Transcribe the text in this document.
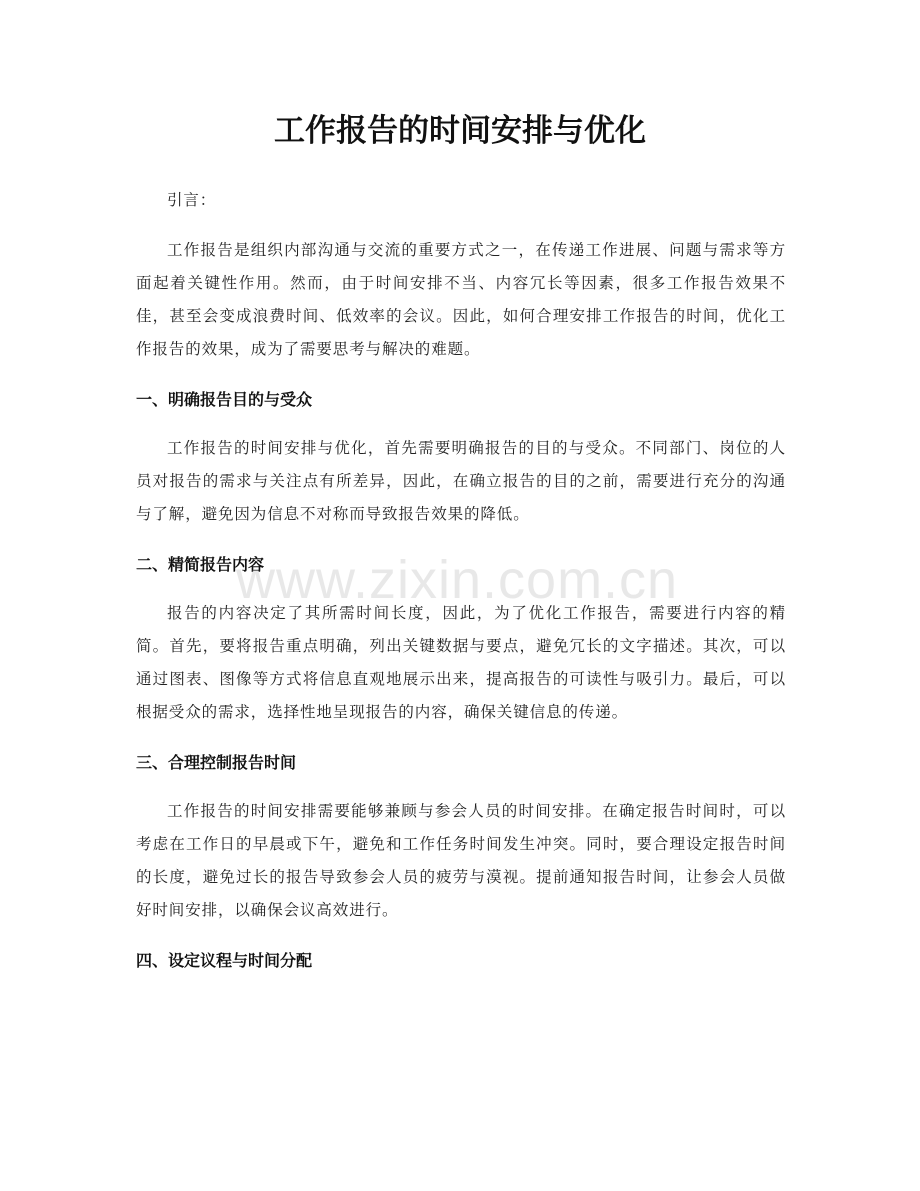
工作报告的时间安排与优化

引言：

工作报告是组织内部沟通与交流的重要方式之一，在传递工作进展、问题与需求等方面起着关键性作用。然而，由于时间安排不当、内容冗长等因素，很多工作报告效果不佳，甚至会变成浪费时间、低效率的会议。因此，如何合理安排工作报告的时间，优化工作报告的效果，成为了需要思考与解决的难题。

一、明确报告目的与受众

工作报告的时间安排与优化，首先需要明确报告的目的与受众。不同部门、岗位的人员对报告的需求与关注点有所差异，因此，在确立报告的目的之前，需要进行充分的沟通与了解，避免因为信息不对称而导致报告效果的降低。

二、精简报告内容

报告的内容决定了其所需时间长度，因此，为了优化工作报告，需要进行内容的精简。首先，要将报告重点明确，列出关键数据与要点，避免冗长的文字描述。其次，可以通过图表、图像等方式将信息直观地展示出来，提高报告的可读性与吸引力。最后，可以根据受众的需求，选择性地呈现报告的内容，确保关键信息的传递。

三、合理控制报告时间

工作报告的时间安排需要能够兼顾与参会人员的时间安排。在确定报告时间时，可以考虑在工作日的早晨或下午，避免和工作任务时间发生冲突。同时，要合理设定报告时间的长度，避免过长的报告导致参会人员的疲劳与漠视。提前通知报告时间，让参会人员做好时间安排，以确保会议高效进行。

四、设定议程与时间分配
www.zixin.com.cn
